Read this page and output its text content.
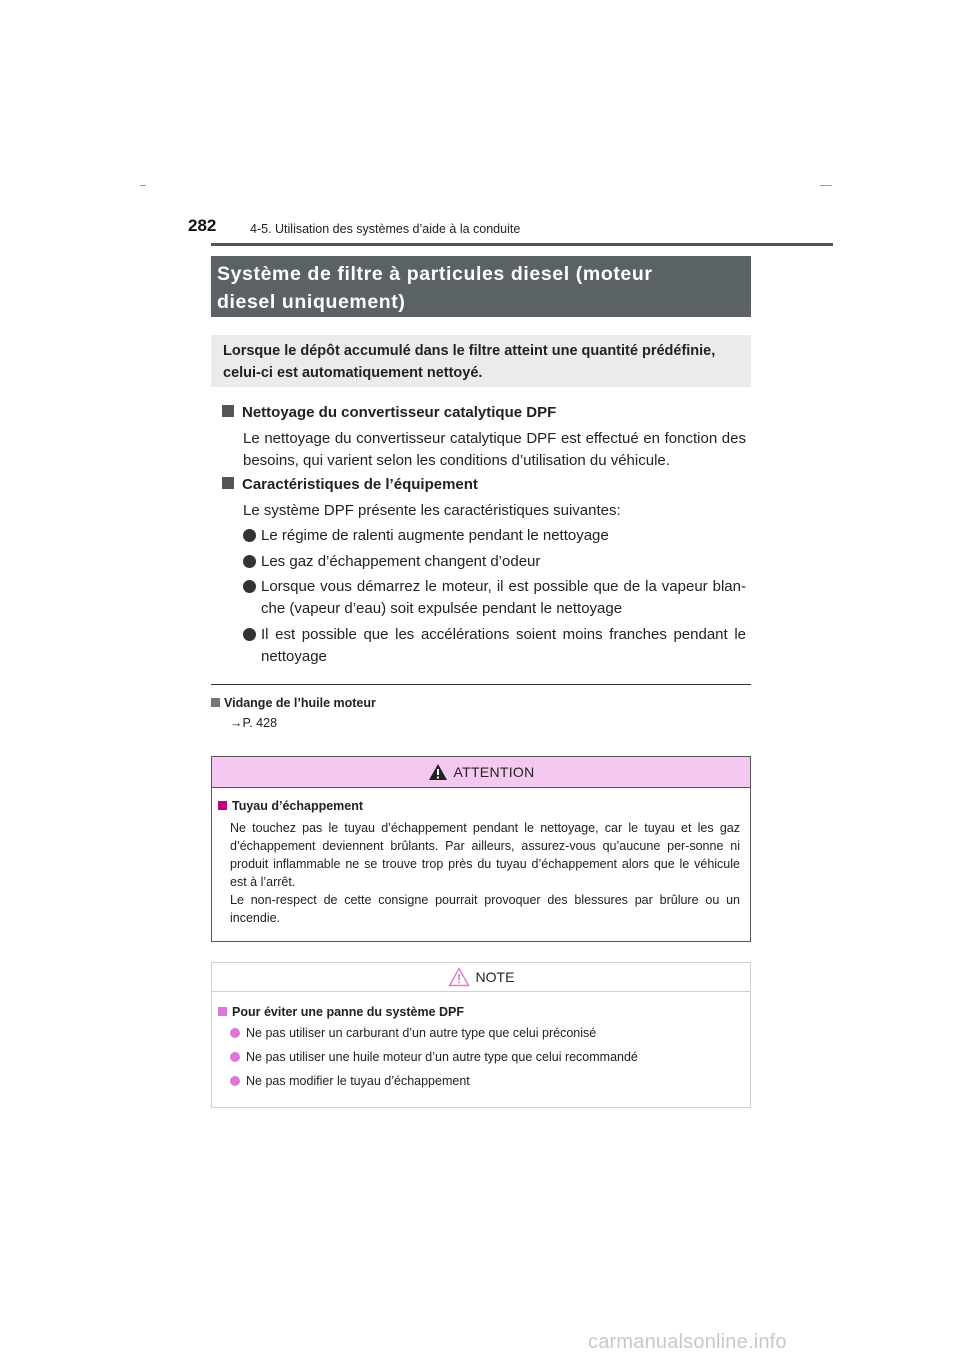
282	4-5. Utilisation des systèmes d’aide à la conduite
Système de filtre à particules diesel (moteur
diesel uniquement)
Lorsque le dépôt accumulé dans le filtre atteint une quantité prédéfinie,
celui-ci est automatiquement nettoyé.
Nettoyage du convertisseur catalytique DPF
Le nettoyage du convertisseur catalytique DPF est effectué en fonction des besoins, qui varient selon les conditions d’utilisation du véhicule.
Caractéristiques de l’équipement
Le système DPF présente les caractéristiques suivantes:
Le régime de ralenti augmente pendant le nettoyage
Les gaz d’échappement changent d’odeur
Lorsque vous démarrez le moteur, il est possible que de la vapeur blan-che (vapeur d’eau) soit expulsée pendant le nettoyage
Il est possible que les accélérations soient moins franches pendant le nettoyage
Vidange de l’huile moteur
→P. 428
ATTENTION
Tuyau d’échappement
Ne touchez pas le tuyau d’échappement pendant le nettoyage, car le tuyau et les gaz d’échappement deviennent brûlants. Par ailleurs, assurez-vous qu’aucune per-sonne ni produit inflammable ne se trouve trop près du tuyau d’échappement alors que le véhicule est à l’arrêt.
Le non-respect de cette consigne pourrait provoquer des blessures par brûlure ou un incendie.
NOTE
Pour éviter une panne du système DPF
Ne pas utiliser un carburant d’un autre type que celui préconisé
Ne pas utiliser une huile moteur d’un autre type que celui recommandé
Ne pas modifier le tuyau d’échappement
carmanualsonline.info
